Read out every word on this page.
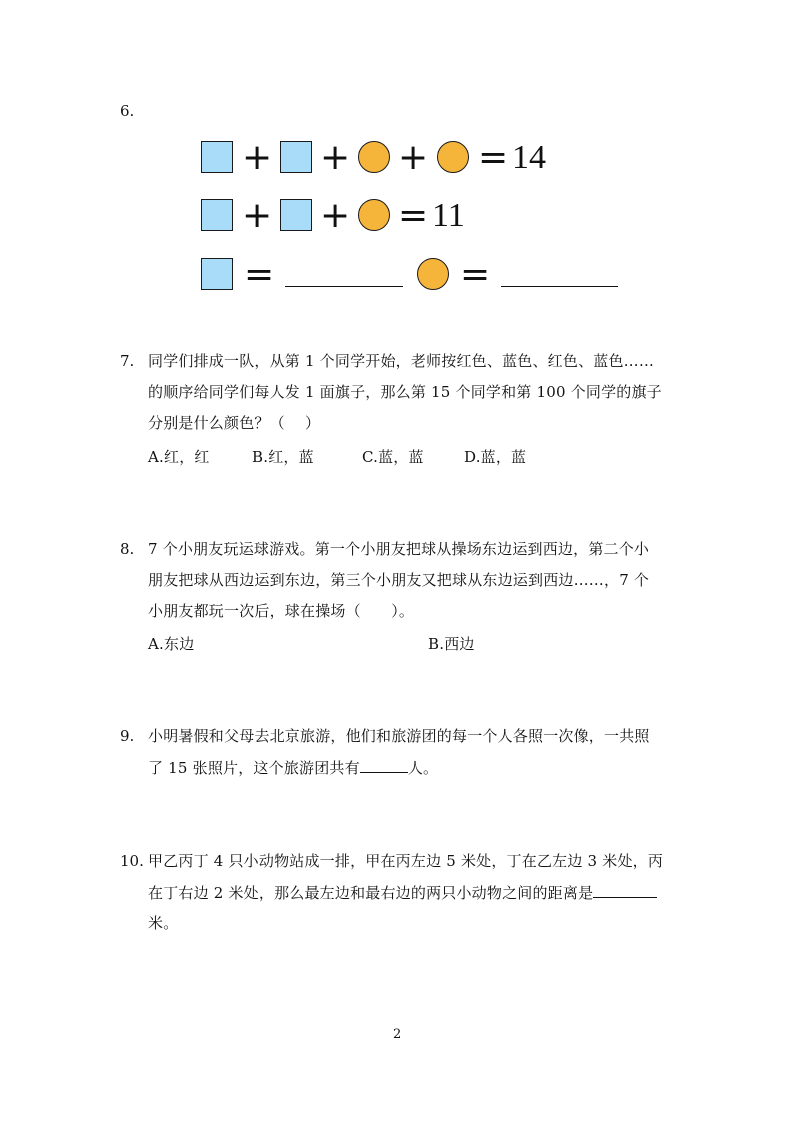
6.
+ + + = 14
+ + = 11
=	=
7. 同学们排成一队，从第 1 个同学开始，老师按红色、蓝色、红色、蓝色……
的顺序给同学们每人发 1 面旗子，那么第 15 个同学和第 100 个同学的旗子
分别是什么颜色？（　 ）
A.红，红	B.红，蓝	C.蓝，蓝	D.蓝，蓝
8. 7 个小朋友玩运球游戏。第一个小朋友把球从操场东边运到西边，第二个小
朋友把球从西边运到东边，第三个小朋友又把球从东边运到西边……，7 个
小朋友都玩一次后，球在操场（　　）。
A.东边	B.西边
9. 小明暑假和父母去北京旅游，他们和旅游团的每一个人各照一次像，一共照
了 15 张照片，这个旅游团共有	人。
10. 甲乙丙丁 4 只小动物站成一排，甲在丙左边 5 米处，丁在乙左边 3 米处，丙
在丁右边 2 米处，那么最左边和最右边的两只小动物之间的距离是
米。
2
